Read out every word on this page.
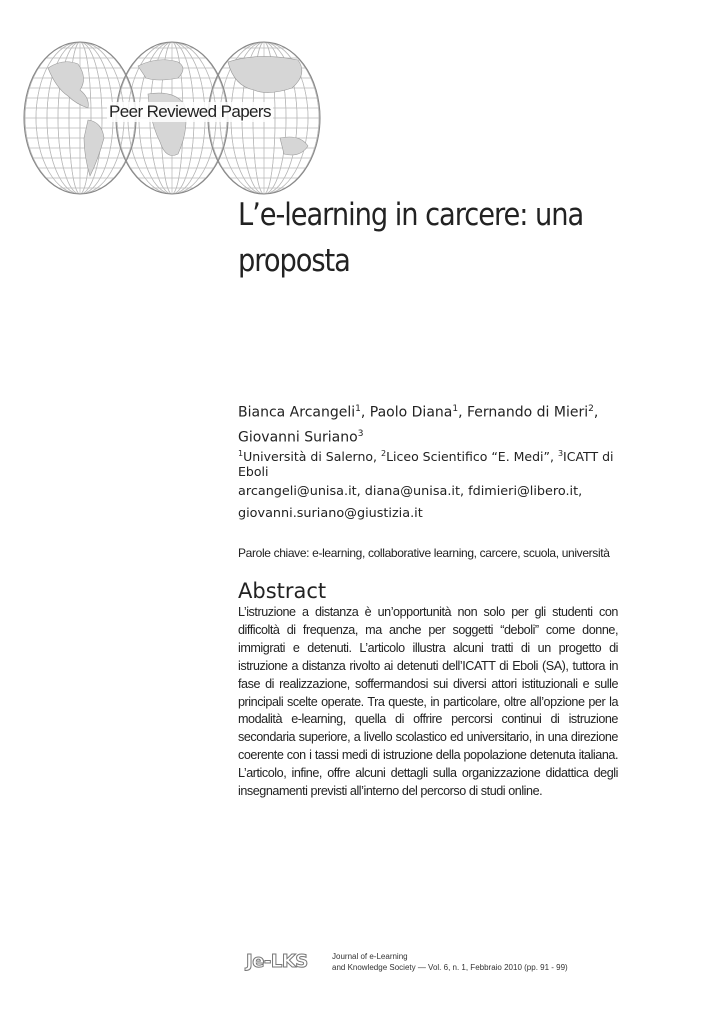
Peer Reviewed Papers
L’e-learning in carcere: una proposta
Bianca Arcangeli$^1$, Paolo Diana$^1$, Fernando di Mieri$^2$,
Giovanni Suriano$^3$
$^1$Università di Salerno, $^2$Liceo Scientifico “E. Medi”, $^3$ICATT di Eboli
arcangeli@unisa.it, diana@unisa.it, fdimieri@libero.it,
giovanni.suriano@giustizia.it
Parole chiave: e-learning, collaborative learning, carcere, scuola, università
Abstract
L’istruzione a distanza è un’opportunità non solo per gli studenti con difficoltà di frequenza, ma anche per soggetti “deboli” come donne, immigrati e detenuti. L’articolo illustra alcuni tratti di un progetto di istruzione a distanza rivolto ai detenuti dell’ICATT di Eboli (SA), tuttora in fase di realizzazione, soffermandosi sui diversi attori istituzionali e sulle principali scelte operate. Tra queste, in particolare, oltre all’opzione per la modalità e-learning, quella di offrire percorsi continui di istruzione secondaria superiore, a livello scolastico ed universitario, in una direzione coerente con i tassi medi di istruzione della popolazione detenuta italiana. L’articolo, infine, offre alcuni dettagli sulla organizzazione didattica degli insegnamenti previsti all’interno del percorso di studi online.
Je-LKS	Journal of e-Learning
and Knowledge Society — Vol. 6, n. 1, Febbraio 2010 (pp. 91 - 99)
